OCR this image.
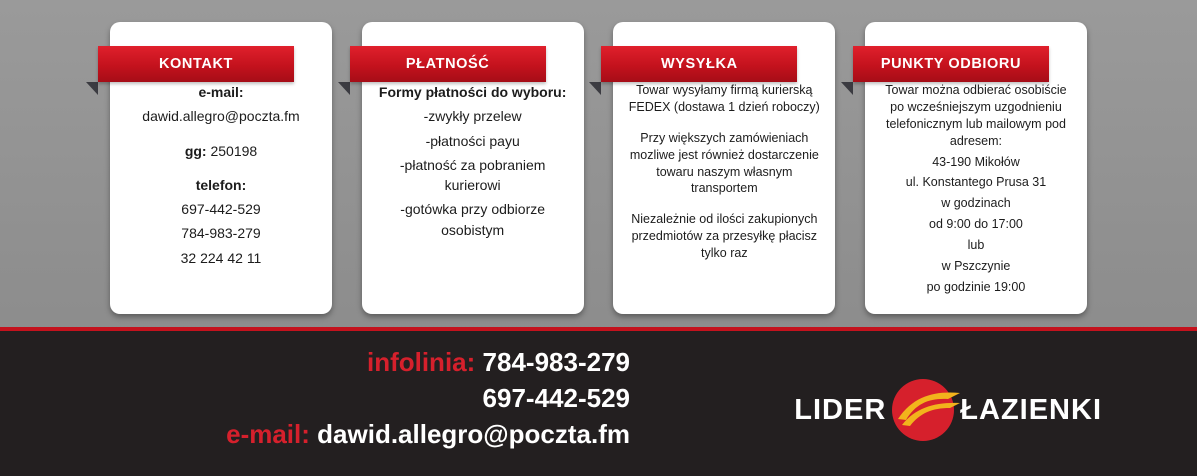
KONTAKT

e-mail:

dawid.allegro@poczta.fm

gg: 250198

telefon:

697-442-529

784-983-279

32 224 42 11

PŁATNOŚĆ

Formy płatności do wyboru:

-zwykły przelew

-płatności payu

-płatność za pobraniem kurierowi

-gotówka przy odbiorze osobistym

WYSYŁKA

Towar wysyłamy firmą kurierską FEDEX (dostawa 1 dzień roboczy)

Przy większych zamówieniach mozliwe jest również dostarczenie towaru naszym własnym transportem

Niezależnie od ilości zakupionych przedmiotów za przesyłkę płacisz tylko raz

PUNKTY ODBIORU

Towar można odbierać osobiście po wcześniejszym uzgodnieniu telefonicznym lub mailowym pod adresem:

43-190 Mikołów

ul. Konstantego Prusa 31

w godzinach

od 9:00 do 17:00

lub

w Pszczynie

po godzinie 19:00

infolinia: 784-983-279
697-442-529
e-mail: dawid.allegro@poczta.fm
LIDER	ŁAZIENKI
